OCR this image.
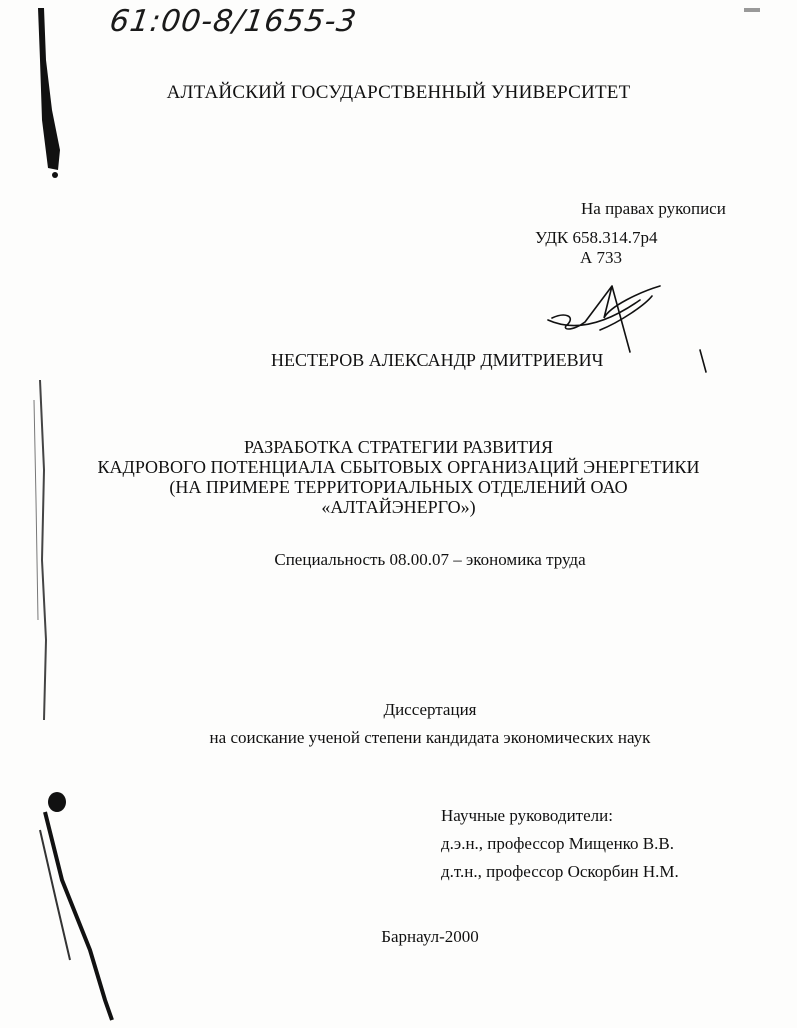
61:00-8/1655-3
АЛТАЙСКИЙ ГОСУДАРСТВЕННЫЙ УНИВЕРСИТЕТ
На правах рукописи
УДК 658.314.7р4
А 733
НЕСТЕРОВ АЛЕКСАНДР ДМИТРИЕВИЧ
РАЗРАБОТКА СТРАТЕГИИ РАЗВИТИЯ
КАДРОВОГО ПОТЕНЦИАЛА СБЫТОВЫХ ОРГАНИЗАЦИЙ ЭНЕРГЕТИКИ
(НА ПРИМЕРЕ ТЕРРИТОРИАЛЬНЫХ ОТДЕЛЕНИЙ ОАО
«АЛТАЙЭНЕРГО»)
Специальность 08.00.07 – экономика труда
Диссертация
на соискание ученой степени кандидата экономических наук
Научные руководители:
д.э.н., профессор Мищенко В.В.
д.т.н., профессор Оскорбин Н.М.
Барнаул-2000
